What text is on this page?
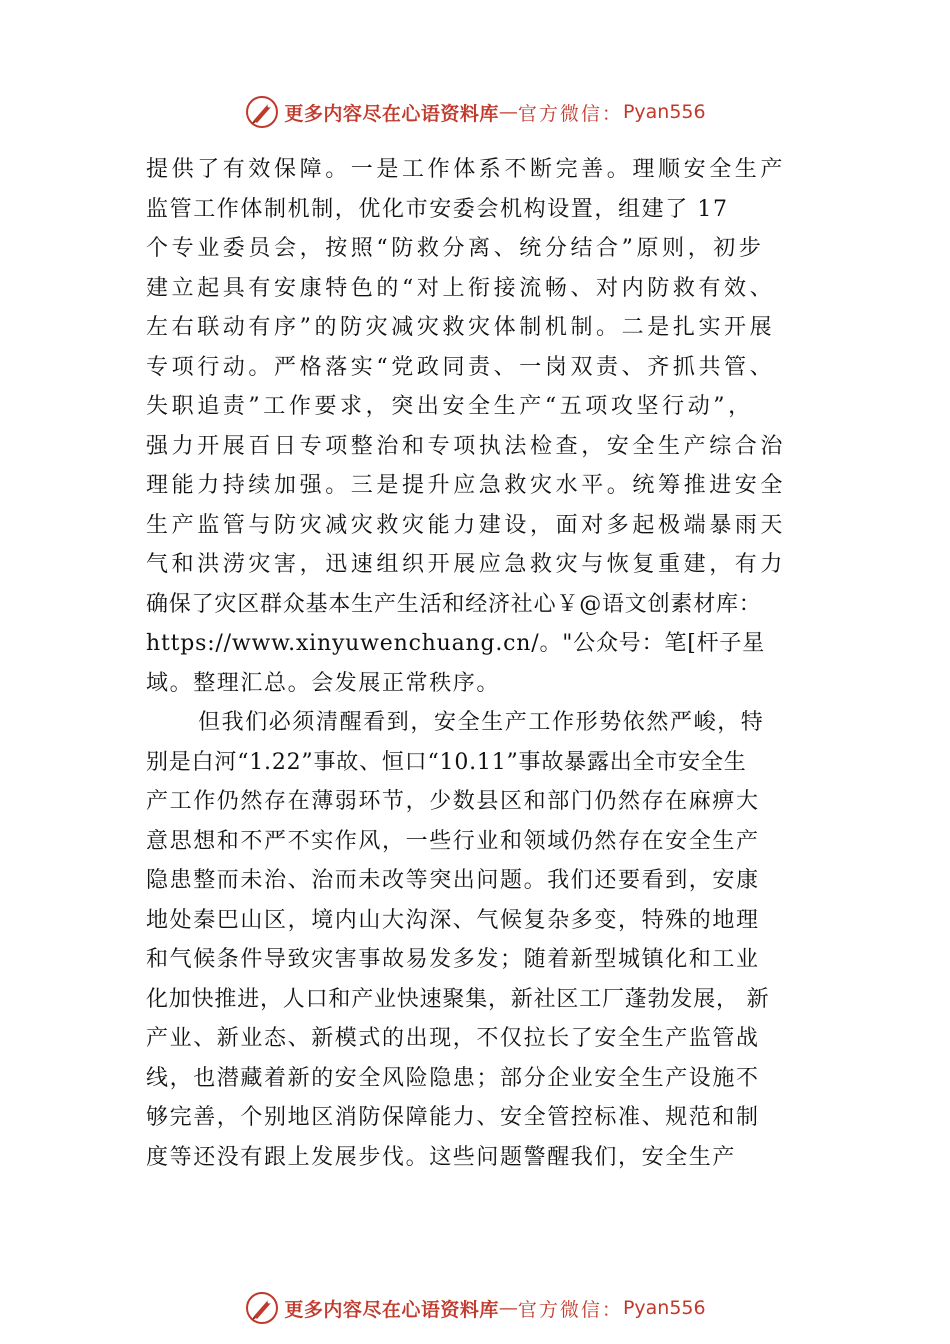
更多内容尽在心语资料库 — 官方微信： Pyan556
提供了有效保障。一是工作体系不断完善。理顺安全生产
监管工作体制机制，优化市安委会机构设置，组建了 17
个专业委员会，按照“防救分离、统分结合”原则，初步
建立起具有安康特色的“对上衔接流畅、对内防救有效、
左右联动有序”的防灾减灾救灾体制机制。二是扎实开展
专项行动。严格落实“党政同责、一岗双责、齐抓共管、
失职追责”工作要求，突出安全生产“五项攻坚行动”，
强力开展百日专项整治和专项执法检查，安全生产综合治
理能力持续加强。三是提升应急救灾水平。统筹推进安全
生产监管与防灾减灾救灾能力建设，面对多起极端暴雨天
气和洪涝灾害，迅速组织开展应急救灾与恢复重建，有力
确保了灾区群众基本生产生活和经济社心￥@语文创素材库：
https://www.xinyuwenchuang.cn/。"公众号：笔[杆子星
域。整理汇总。会发展正常秩序。
但我们必须清醒看到，安全生产工作形势依然严峻，特
别是白河“1.22”事故、恒口“10.11”事故暴露出全市安全生
产工作仍然存在薄弱环节，少数县区和部门仍然存在麻痹大
意思想和不严不实作风，一些行业和领域仍然存在安全生产
隐患整而未治、治而未改等突出问题。我们还要看到，安康
地处秦巴山区，境内山大沟深、气候复杂多变，特殊的地理
和气候条件导致灾害事故易发多发；随着新型城镇化和工业
化加快推进，人口和产业快速聚集，新社区工厂蓬勃发展， 新
产业、新业态、新模式的出现，不仅拉长了安全生产监管战
线，也潜藏着新的安全风险隐患；部分企业安全生产设施不
够完善，个别地区消防保障能力、安全管控标准、规范和制
度等还没有跟上发展步伐。这些问题警醒我们，安全生产
更多内容尽在心语资料库 — 官方微信： Pyan556
